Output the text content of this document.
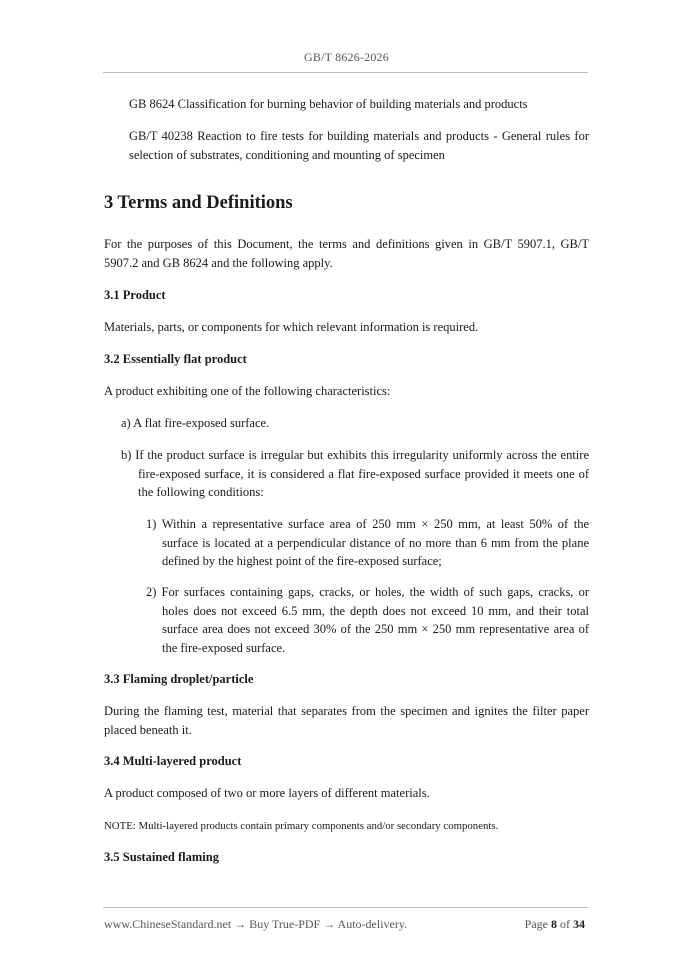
GB/T 8626-2026
GB 8624 Classification for burning behavior of building materials and products
GB/T 40238 Reaction to fire tests for building materials and products - General rules for selection of substrates, conditioning and mounting of specimen
3 Terms and Definitions
For the purposes of this Document, the terms and definitions given in GB/T 5907.1, GB/T 5907.2 and GB 8624 and the following apply.
3.1 Product
Materials, parts, or components for which relevant information is required.
3.2 Essentially flat product
A product exhibiting one of the following characteristics:
a) A flat fire-exposed surface.
b) If the product surface is irregular but exhibits this irregularity uniformly across the entire fire-exposed surface, it is considered a flat fire-exposed surface provided it meets one of the following conditions:
1) Within a representative surface area of 250 mm × 250 mm, at least 50% of the surface is located at a perpendicular distance of no more than 6 mm from the plane defined by the highest point of the fire-exposed surface;
2) For surfaces containing gaps, cracks, or holes, the width of such gaps, cracks, or holes does not exceed 6.5 mm, the depth does not exceed 10 mm, and their total surface area does not exceed 30% of the 250 mm × 250 mm representative area of the fire-exposed surface.
3.3 Flaming droplet/particle
During the flaming test, material that separates from the specimen and ignites the filter paper placed beneath it.
3.4 Multi-layered product
A product composed of two or more layers of different materials.
NOTE: Multi-layered products contain primary components and/or secondary components.
3.5 Sustained flaming
www.ChineseStandard.net → Buy True-PDF → Auto-delivery.	Page 8 of 34
